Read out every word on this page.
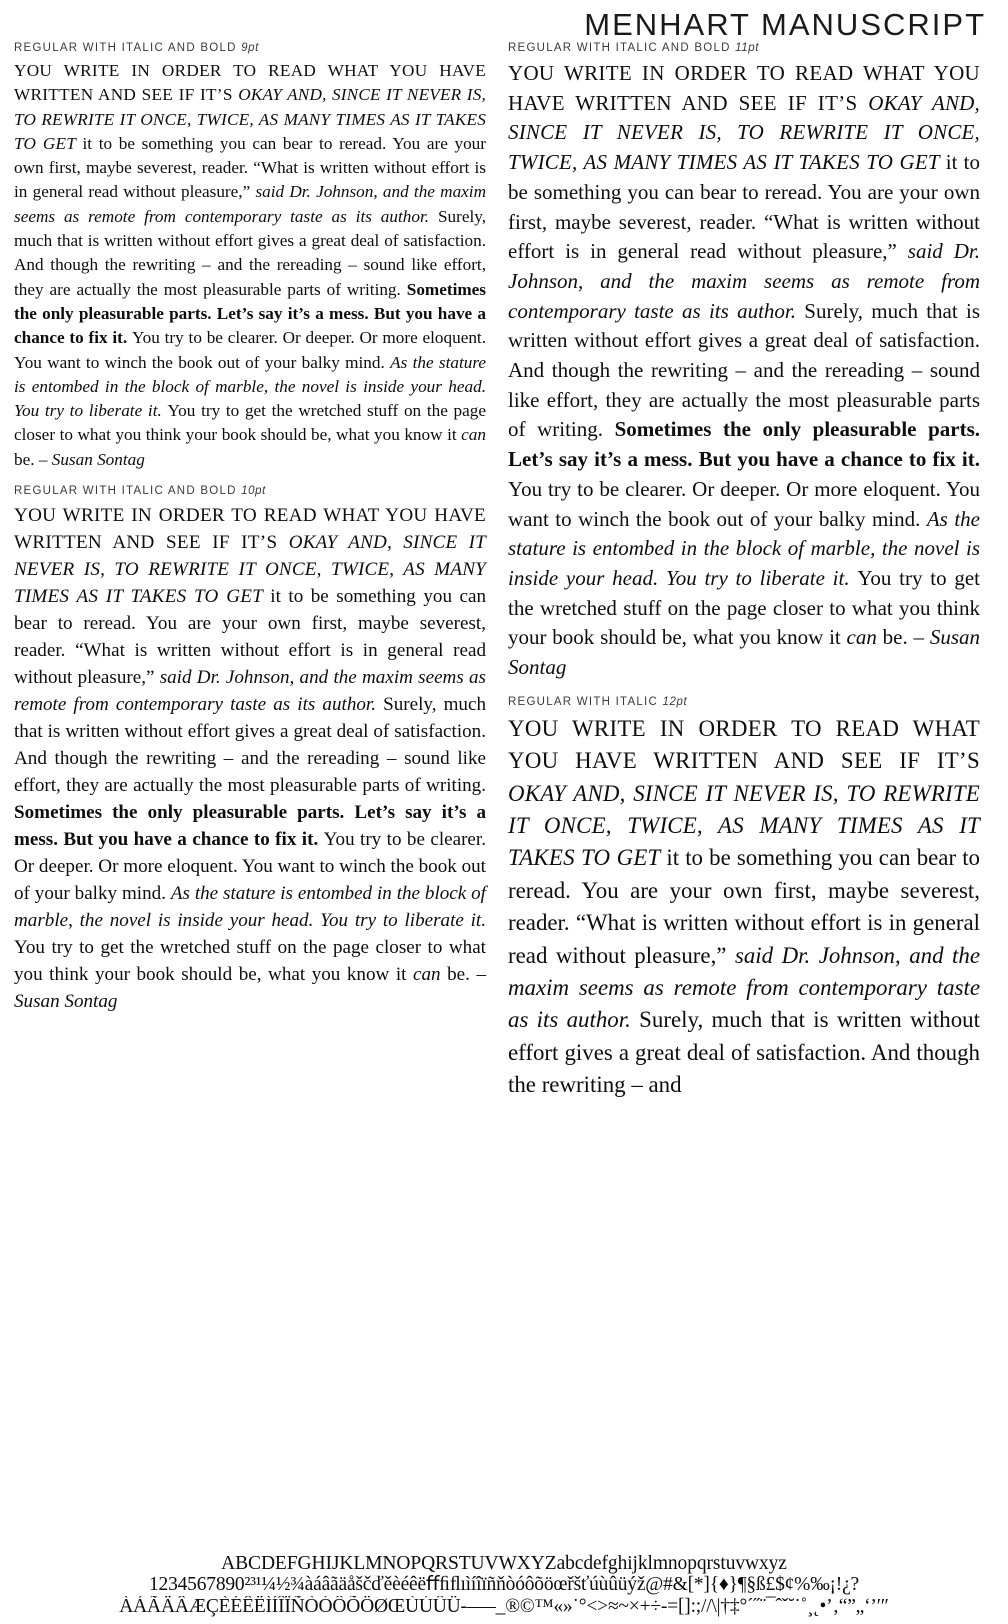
MENHART MANUSCRIPT
REGULAR WITH ITALIC AND BOLD 9pt
YOU WRITE IN ORDER TO READ WHAT YOU HAVE WRITTEN AND SEE IF IT’S OKAY AND, SINCE IT NEVER IS, TO REWRITE IT ONCE, TWICE, AS MANY TIMES AS IT TAKES TO GET it to be something you can bear to reread. You are your own first, maybe severest, reader. “What is written without effort is in general read without pleasure,” said Dr. Johnson, and the maxim seems as remote from contemporary taste as its author. Surely, much that is written without effort gives a great deal of satisfaction. And though the rewriting – and the rereading – sound like effort, they are actually the most pleasurable parts of writing. Sometimes the only pleasurable parts. Let’s say it’s a mess. But you have a chance to fix it. You try to be clearer. Or deeper. Or more eloquent. You want to winch the book out of your balky mind. As the stature is entombed in the block of marble, the novel is inside your head. You try to liberate it. You try to get the wretched stuff on the page closer to what you think your book should be, what you know it can be. – Susan Sontag
REGULAR WITH ITALIC AND BOLD 10pt
YOU WRITE IN ORDER TO READ WHAT YOU HAVE WRITTEN AND SEE IF IT’S OKAY AND, SINCE IT NEVER IS, TO REWRITE IT ONCE, TWICE, AS MANY TIMES AS IT TAKES TO GET it to be something you can bear to reread. You are your own first, maybe severest, reader. “What is written without effort is in general read without pleasure,” said Dr. Johnson, and the maxim seems as remote from contemporary taste as its author. Surely, much that is written without effort gives a great deal of satisfaction. And though the rewriting – and the rereading – sound like effort, they are actually the most pleasurable parts of writing. Sometimes the only pleasurable parts. Let’s say it’s a mess. But you have a chance to fix it. You try to be clearer. Or deeper. Or more eloquent. You want to winch the book out of your balky mind. As the stature is entombed in the block of marble, the novel is inside your head. You try to liberate it. You try to get the wretched stuff on the page closer to what you think your book should be, what you know it can be. – Susan Sontag
REGULAR WITH ITALIC AND BOLD 11pt
YOU WRITE IN ORDER TO READ WHAT YOU HAVE WRITTEN AND SEE IF IT’S OKAY AND, SINCE IT NEVER IS, TO REWRITE IT ONCE, TWICE, AS MANY TIMES AS IT TAKES TO GET it to be something you can bear to reread. You are your own first, maybe severest, reader. “What is written without effort is in general read without pleasure,” said Dr. Johnson, and the maxim seems as remote from contemporary taste as its author. Surely, much that is written without effort gives a great deal of satisfaction. And though the rewriting – and the rereading – sound like effort, they are actually the most pleasurable parts of writing. Sometimes the only pleasurable parts. Let’s say it’s a mess. But you have a chance to fix it. You try to be clearer. Or deeper. Or more eloquent. You want to winch the book out of your balky mind. As the stature is entombed in the block of marble, the novel is inside your head. You try to liberate it. You try to get the wretched stuff on the page closer to what you think your book should be, what you know it can be. – Susan Sontag
REGULAR WITH ITALIC 12pt
YOU WRITE IN ORDER TO READ WHAT YOU HAVE WRITTEN AND SEE IF IT’S OKAY AND, SINCE IT NEVER IS, TO REWRITE IT ONCE, TWICE, AS MANY TIMES AS IT TAKES TO GET it to be something you can bear to reread. You are your own first, maybe severest, reader. “What is written without effort is in general read without pleasure,” said Dr. Johnson, and the maxim seems as remote from contemporary taste as its author. Surely, much that is written without effort gives a great deal of satisfaction. And though the rewriting – and
ABCDEFGHIJKLMNOPQRSTUVWXYZabcdefghijklmnopqrstuvwxyz
1234567890²³¹¼½¾àáâãäåščďěèéêëﬀﬁﬂıìíîïñňòóôõöœřšťúùûüýž@#&[*]{♦}¶§ß£$¢%‰¡!¿?
ÀÁÃÄÂÆÇÈÉÊËÌÍÎÏÑÒÓÔÕÖØŒÙÚÛÜ‐–—_®©™«»˙°<>≈~×+÷-=[]:;//\|†‡°´˝¨¯ˆˇ˘˙˚¸˛•’‚“”„‘’′″
